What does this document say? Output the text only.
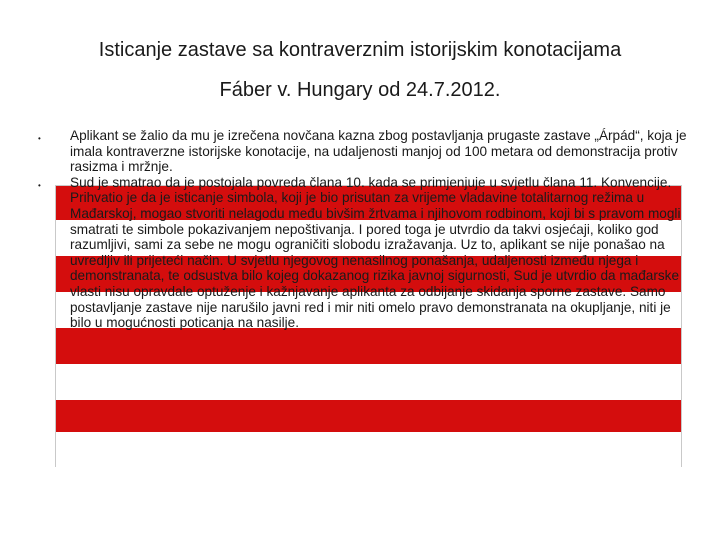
Isticanje zastave sa kontraverznim istorijskim konotacijama
Fáber v. Hungary od 24.7.2012.
•	Aplikant se žalio da mu je izrečena novčana kazna zbog postavljanja prugaste zastave „Árpád“, koja je imala kontraverzne istorijske konotacije, na udaljenosti manjoj od 100 metara od demonstracija protiv rasizma i mržnje.
•	Sud je smatrao da je postojala povreda člana 10. kada se primjenjuje u svjetlu člana 11. Konvencije. Prihvatio je da je isticanje simbola, koji je bio prisutan za vrijeme vladavine totalitarnog režima u Mađarskoj, mogao stvoriti nelagodu među bivšim žrtvama i njihovom rodbinom, koji bi s pravom mogli smatrati te simbole pokazivanjem nepoštivanja. I pored toga je utvrdio da takvi osjećaji, koliko god razumljivi, sami za sebe ne mogu ograničiti slobodu izražavanja. Uz to, aplikant se nije ponašao na uvredljiv ili prijeteći način. U svjetlu njegovog nenasilnog ponašanja, udaljenosti između njega i demonstranata, te odsustva bilo kojeg dokazanog rizika javnoj sigurnosti, Sud je utvrdio da mađarske vlasti nisu opravdale optuženje i kažnjavanje aplikanta za odbijanje skidanja sporne zastave. Samo postavljanje zastave nije narušilo javni red i mir niti omelo pravo demonstranata na okupljanje, niti je bilo u mogućnosti poticanja na nasilje.
